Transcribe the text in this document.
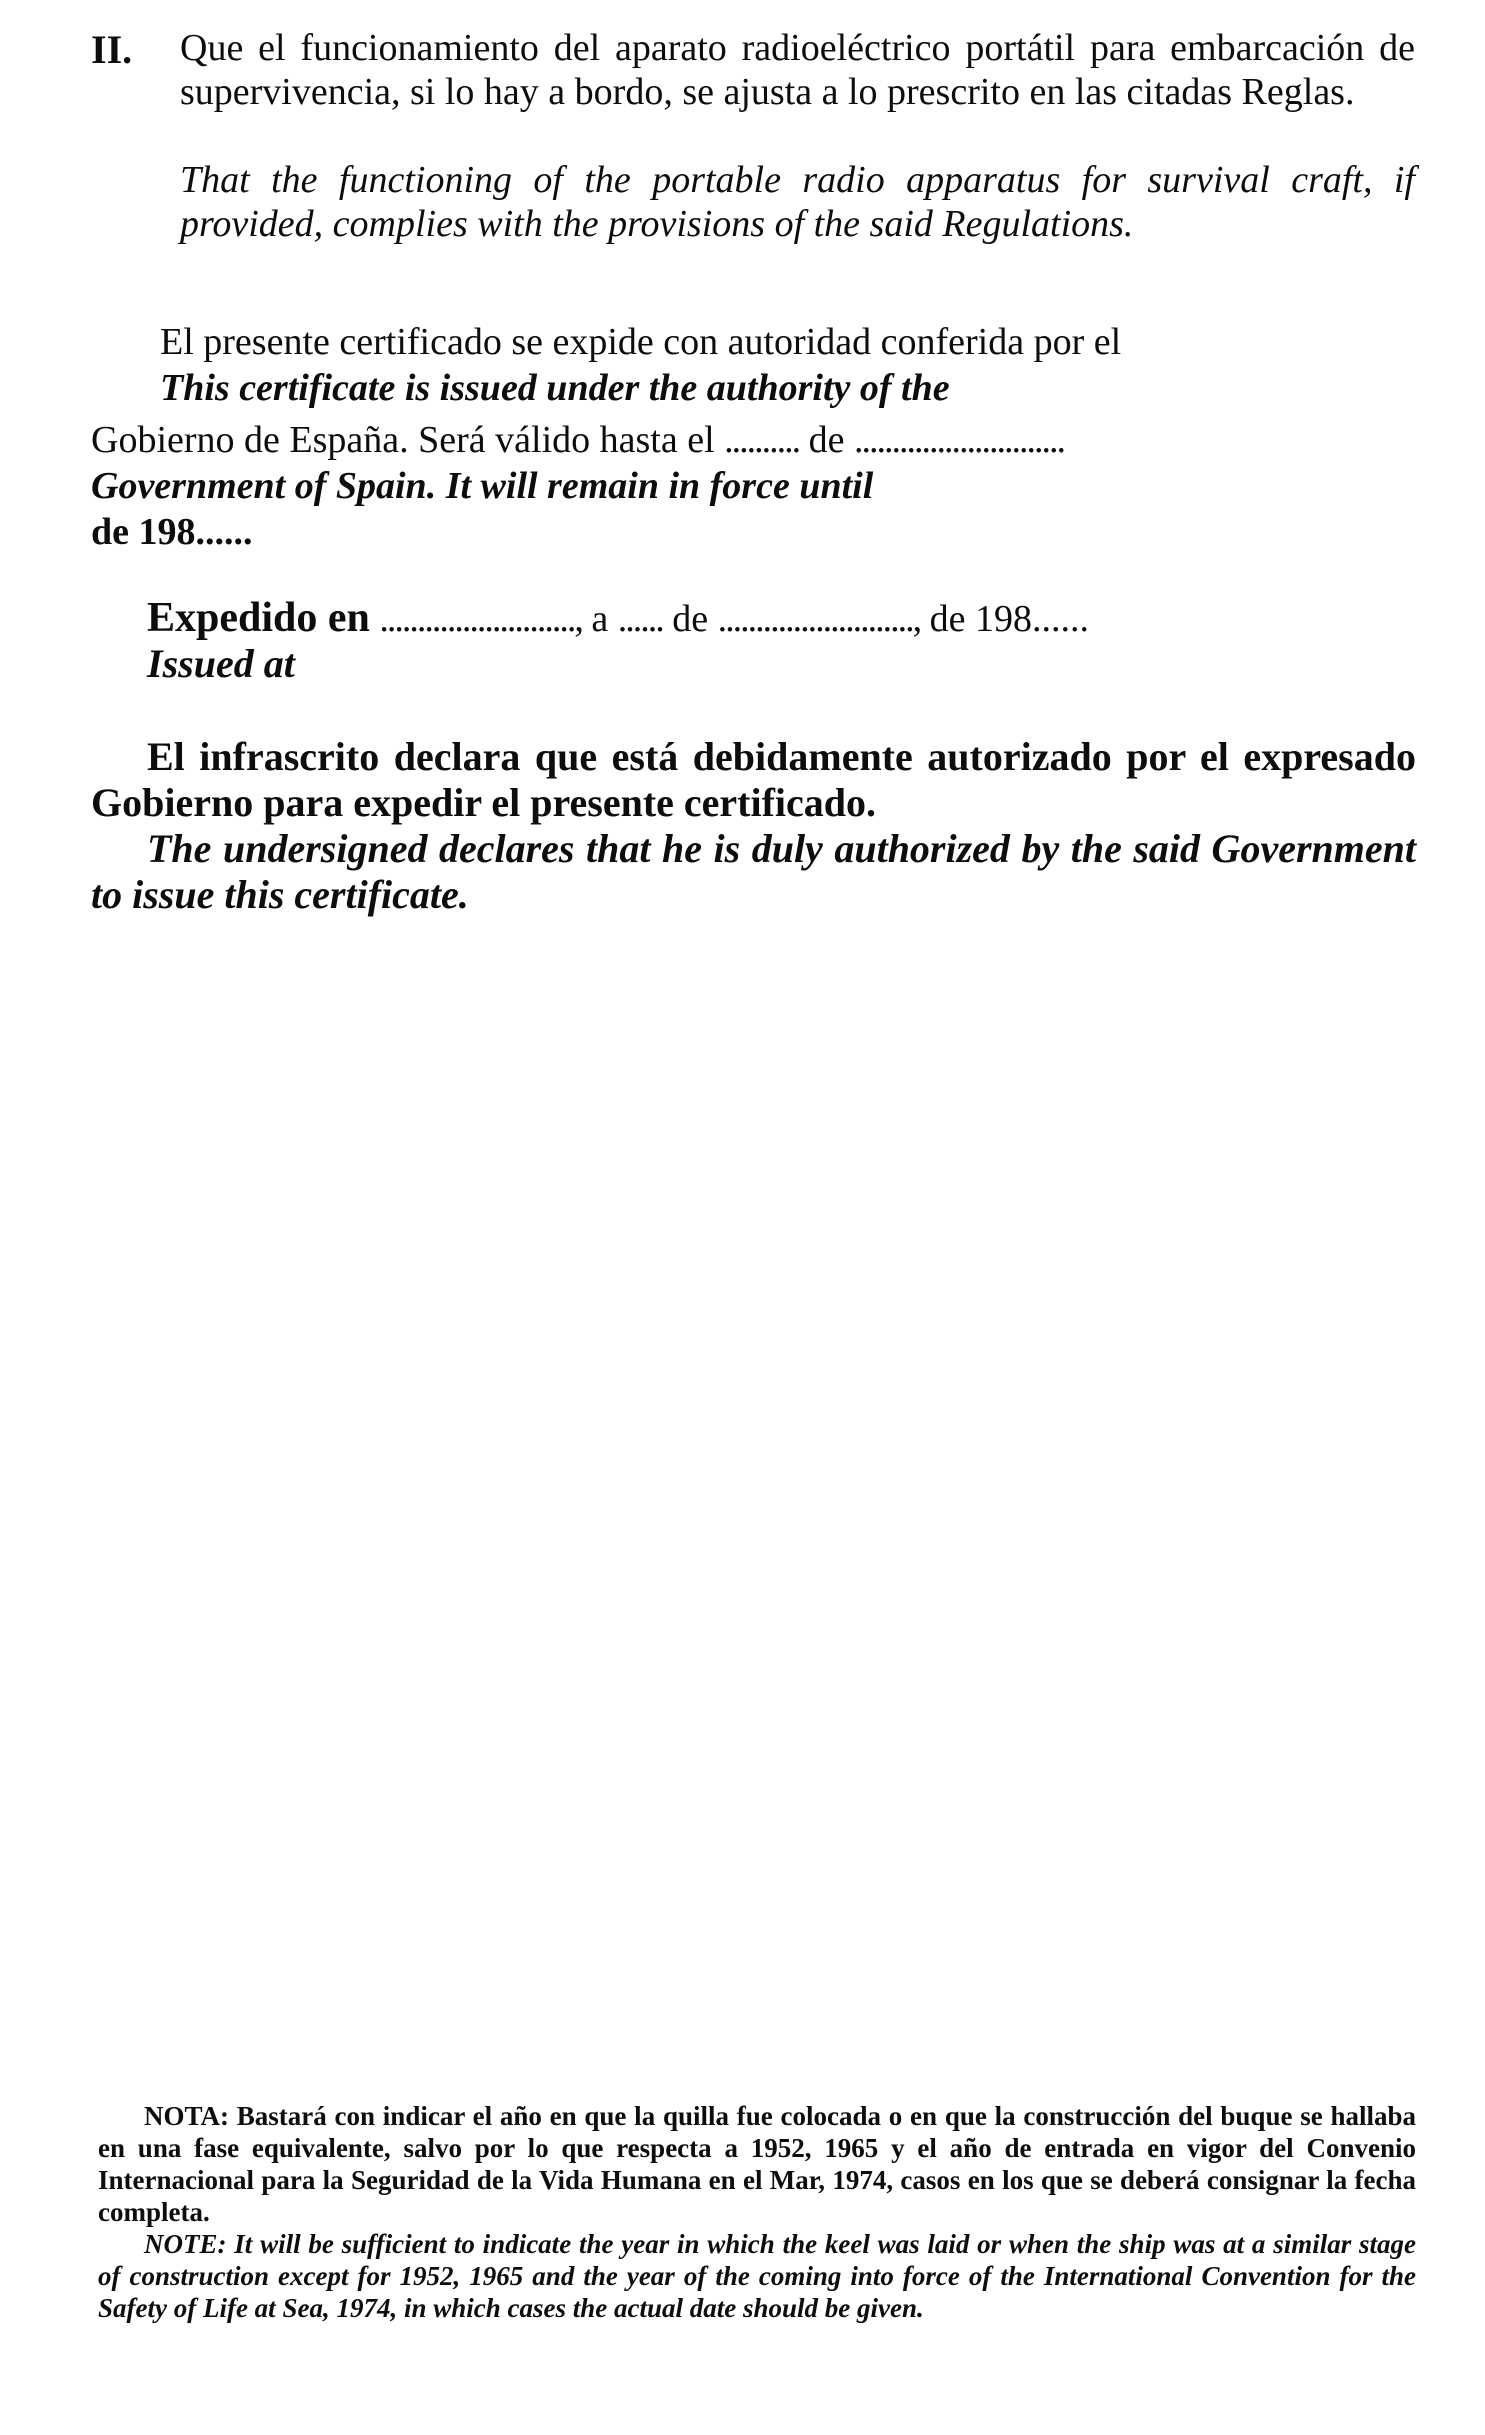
II. Que el funcionamiento del aparato radioeléctrico portátil para embarcación de supervivencia, si lo hay a bordo, se ajusta a lo prescrito en las citadas Reglas.
That the functioning of the portable radio apparatus for survival craft, if provided, complies with the provisions of the said Regulations.
El presente certificado se expide con autoridad conferida por el
This certificate is issued under the authority of the
Gobierno de España. Será válido hasta el .......... de ............................
Government of Spain. It will remain in force until
de 198......
Expedido en .........................., a ...... de .........................., de 198......
Issued at
El infrascrito declara que está debidamente autorizado por el expresado Gobierno para expedir el presente certificado.
The undersigned declares that he is duly authorized by the said Government to issue this certificate.
NOTA: Bastará con indicar el año en que la quilla fue colocada o en que la construcción del buque se hallaba en una fase equivalente, salvo por lo que respecta a 1952, 1965 y el año de entrada en vigor del Convenio Internacional para la Seguridad de la Vida Humana en el Mar, 1974, casos en los que se deberá consignar la fecha completa.
NOTE: It will be sufficient to indicate the year in which the keel was laid or when the ship was at a similar stage of construction except for 1952, 1965 and the year of the coming into force of the International Convention for the Safety of Life at Sea, 1974, in which cases the actual date should be given.
